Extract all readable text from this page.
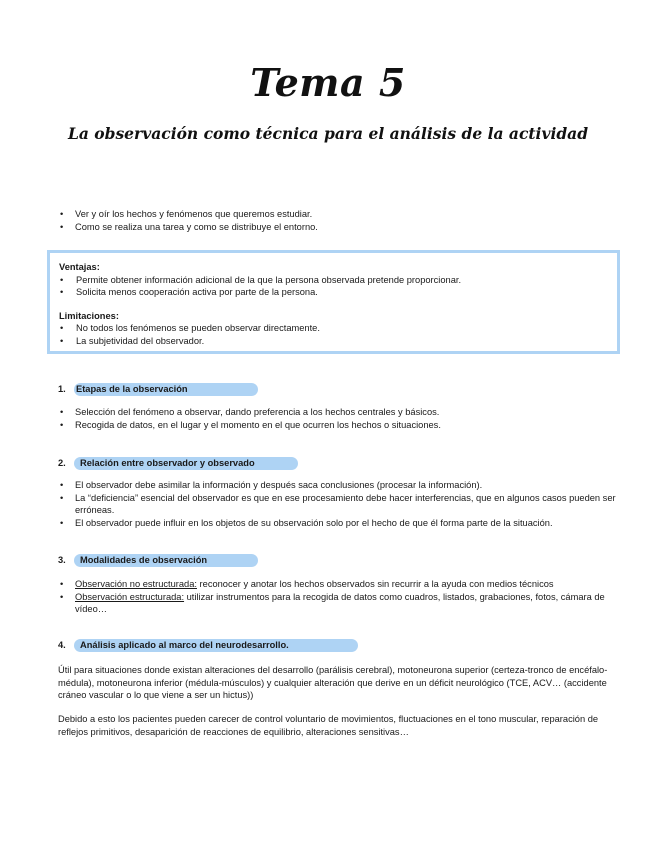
Tema 5
La observación como técnica para el análisis de la actividad
• Ver y oír los hechos y fenómenos que queremos estudiar.
• Como se realiza una tarea y como se distribuye el entorno.
Ventajas:
• Permite obtener información adicional de la que la persona observada pretende proporcionar.
• Solicita menos cooperación activa por parte de la persona.
Limitaciones:
• No todos los fenómenos se pueden observar directamente.
• La subjetividad del observador.
1.	Etapas de la observación
• Selección del fenómeno a observar, dando preferencia a los hechos centrales y básicos.
• Recogida de datos, en el lugar y el momento en el que ocurren los hechos o situaciones.
2.	Relación entre observador y observado
• El observador debe asimilar la información y después saca conclusiones (procesar la información).
• La “deficiencia” esencial del observador es que en ese procesamiento debe hacer interferencias, que en algunos casos pueden ser erróneas.
• El observador puede influir en los objetos de su observación solo por el hecho de que él forma parte de la situación.
3.	Modalidades de observación
• Observación no estructurada: reconocer y anotar los hechos observados sin recurrir a la ayuda con medios técnicos
• Observación estructurada: utilizar instrumentos para la recogida de datos como cuadros, listados, grabaciones, fotos, cámara de vídeo…
4.	Análisis aplicado al marco del neurodesarrollo.
Útil para situaciones donde existan alteraciones del desarrollo (parálisis cerebral), motoneurona superior (certeza-tronco de encéfalo-médula), motoneurona inferior (médula-músculos) y cualquier alteración que derive en un déficit neurológico (TCE, ACV… (accidente cráneo vascular o lo que viene a ser un hictus))
Debido a esto los pacientes pueden carecer de control voluntario de movimientos, fluctuaciones en el tono muscular, reparación de reflejos primitivos, desaparición de reacciones de equilibrio, alteraciones sensitivas…
